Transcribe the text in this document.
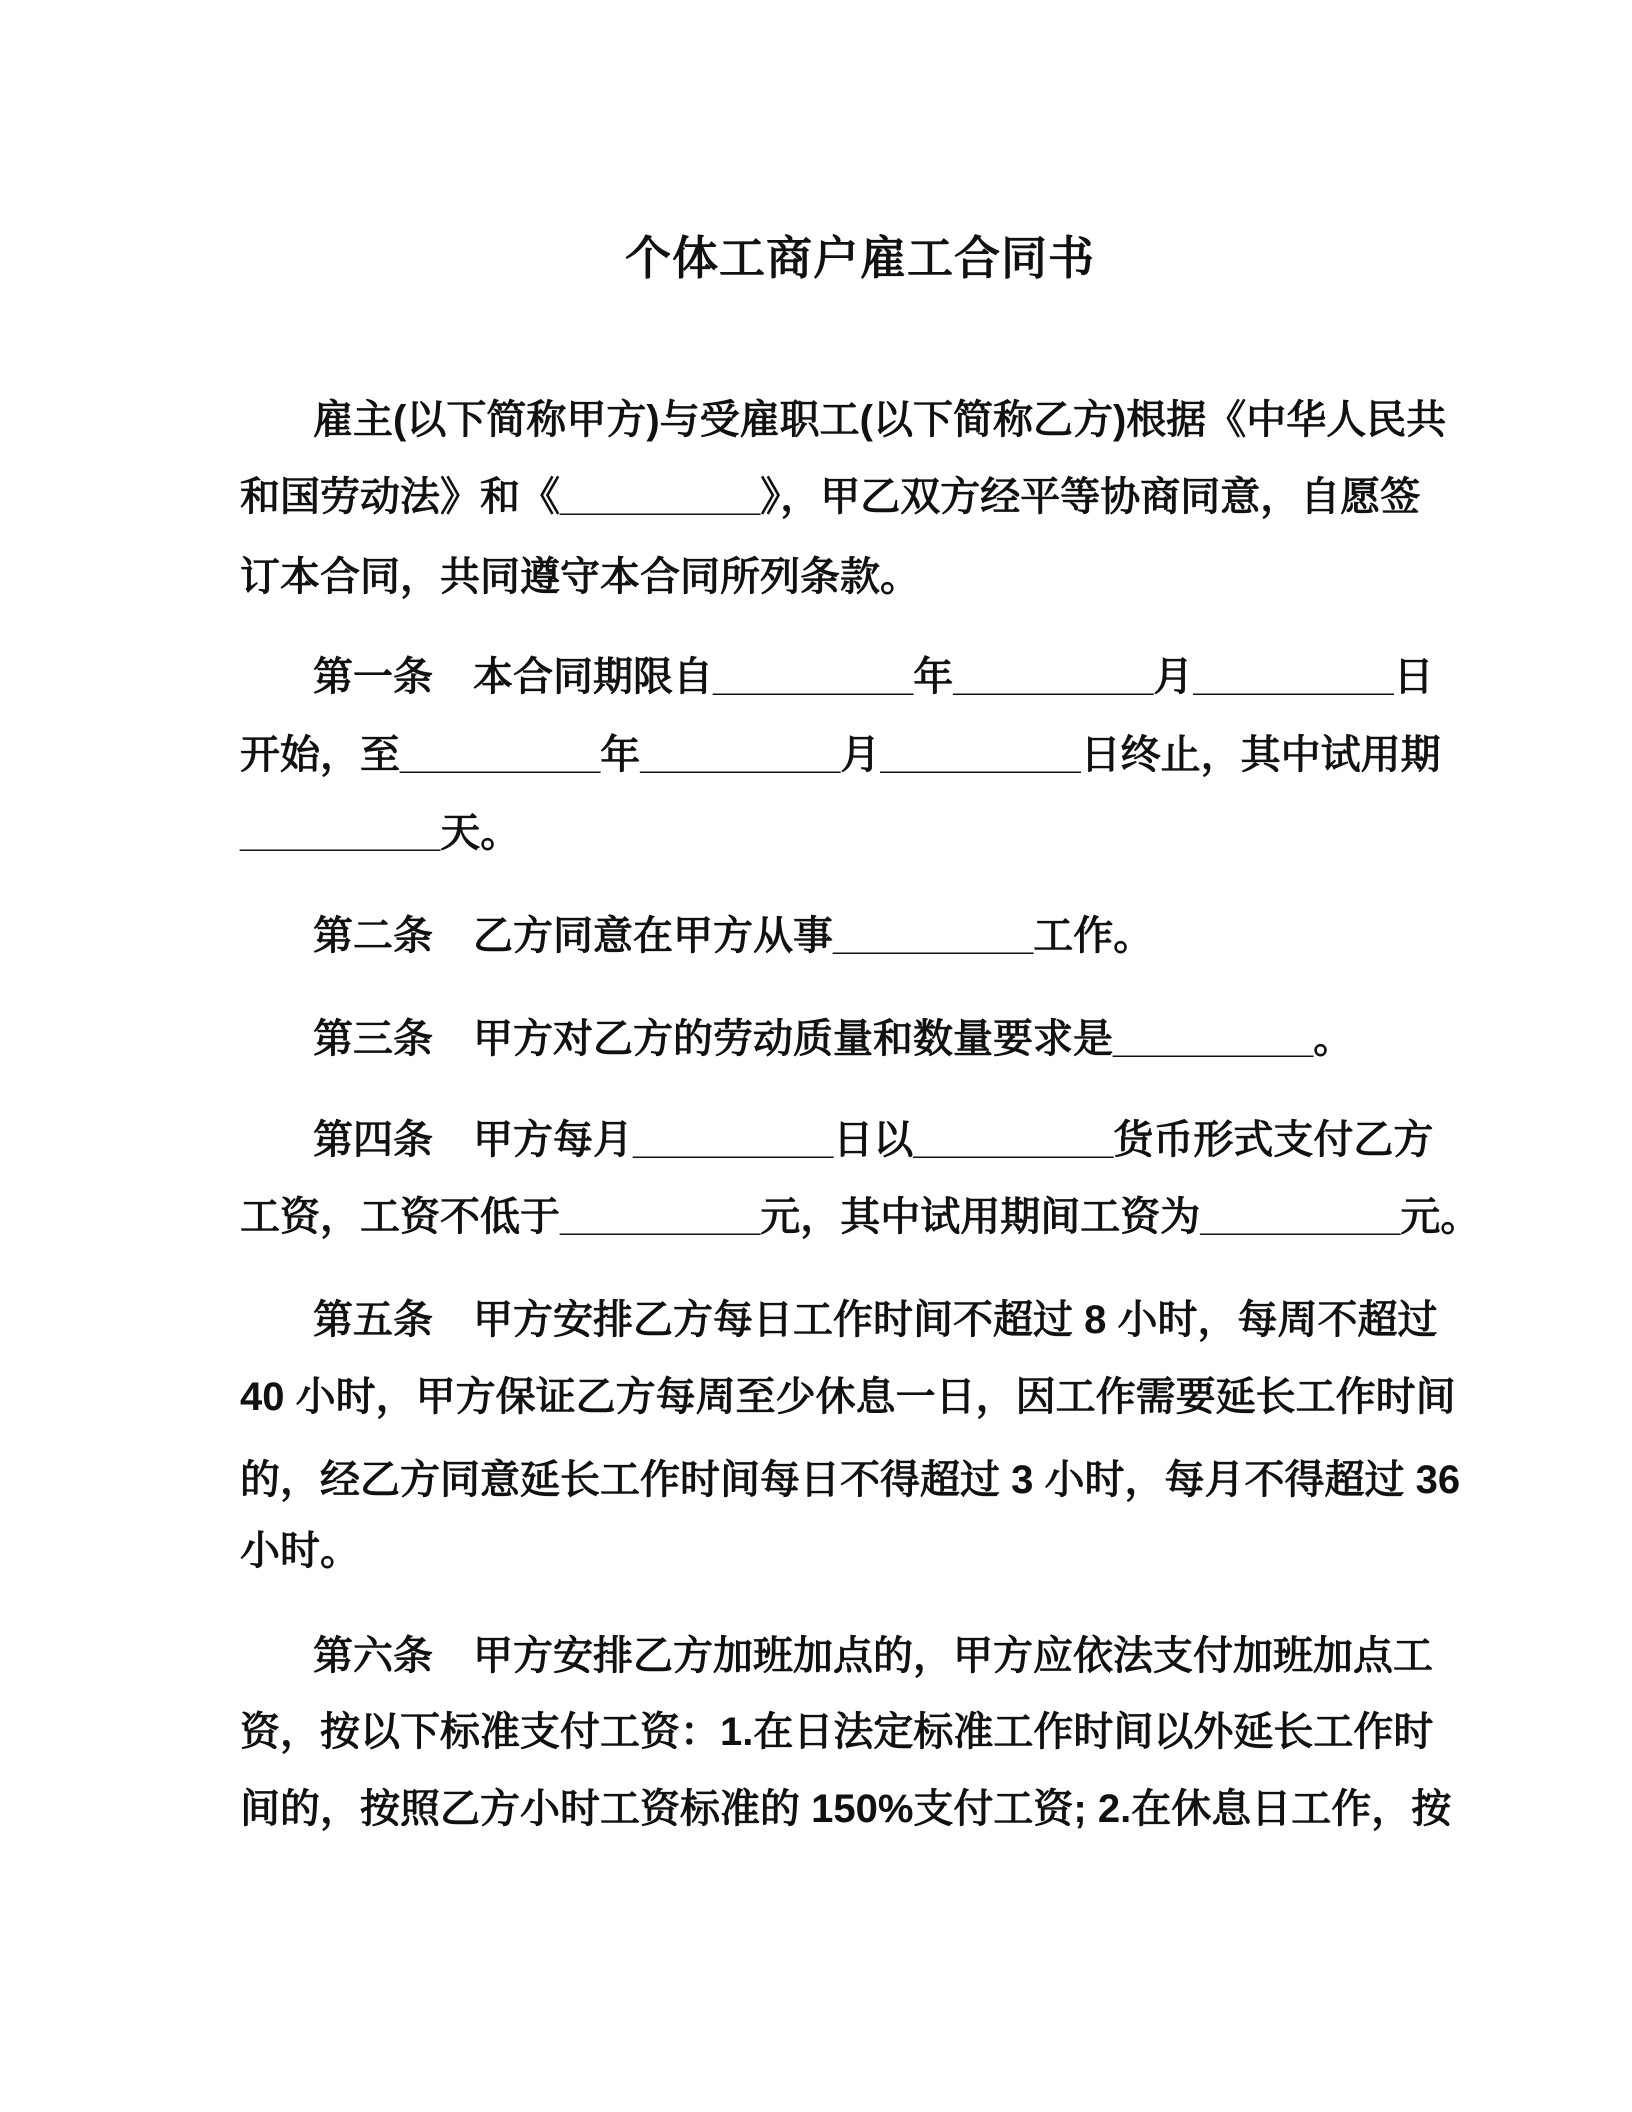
个体工商户雇工合同书
雇主(以下简称甲方)与受雇职工(以下简称乙方)根据《中华人民共
和国劳动法》和《_________》，甲乙双方经平等协商同意，自愿签
订本合同，共同遵守本合同所列条款。
第一条　本合同期限自_________年_________月_________日
开始，至_________年_________月_________日终止，其中试用期
_________天。
第二条　乙方同意在甲方从事_________工作。
第三条　甲方对乙方的劳动质量和数量要求是_________。
第四条　甲方每月_________日以_________货币形式支付乙方
工资，工资不低于_________元，其中试用期间工资为_________元。
第五条　甲方安排乙方每日工作时间不超过 8 小时，每周不超过
40 小时，甲方保证乙方每周至少休息一日，因工作需要延长工作时间
的，经乙方同意延长工作时间每日不得超过 3 小时，每月不得超过 36
小时。
第六条　甲方安排乙方加班加点的，甲方应依法支付加班加点工
资，按以下标准支付工资：1.在日法定标准工作时间以外延长工作时
间的，按照乙方小时工资标准的 150%支付工资; 2.在休息日工作，按
